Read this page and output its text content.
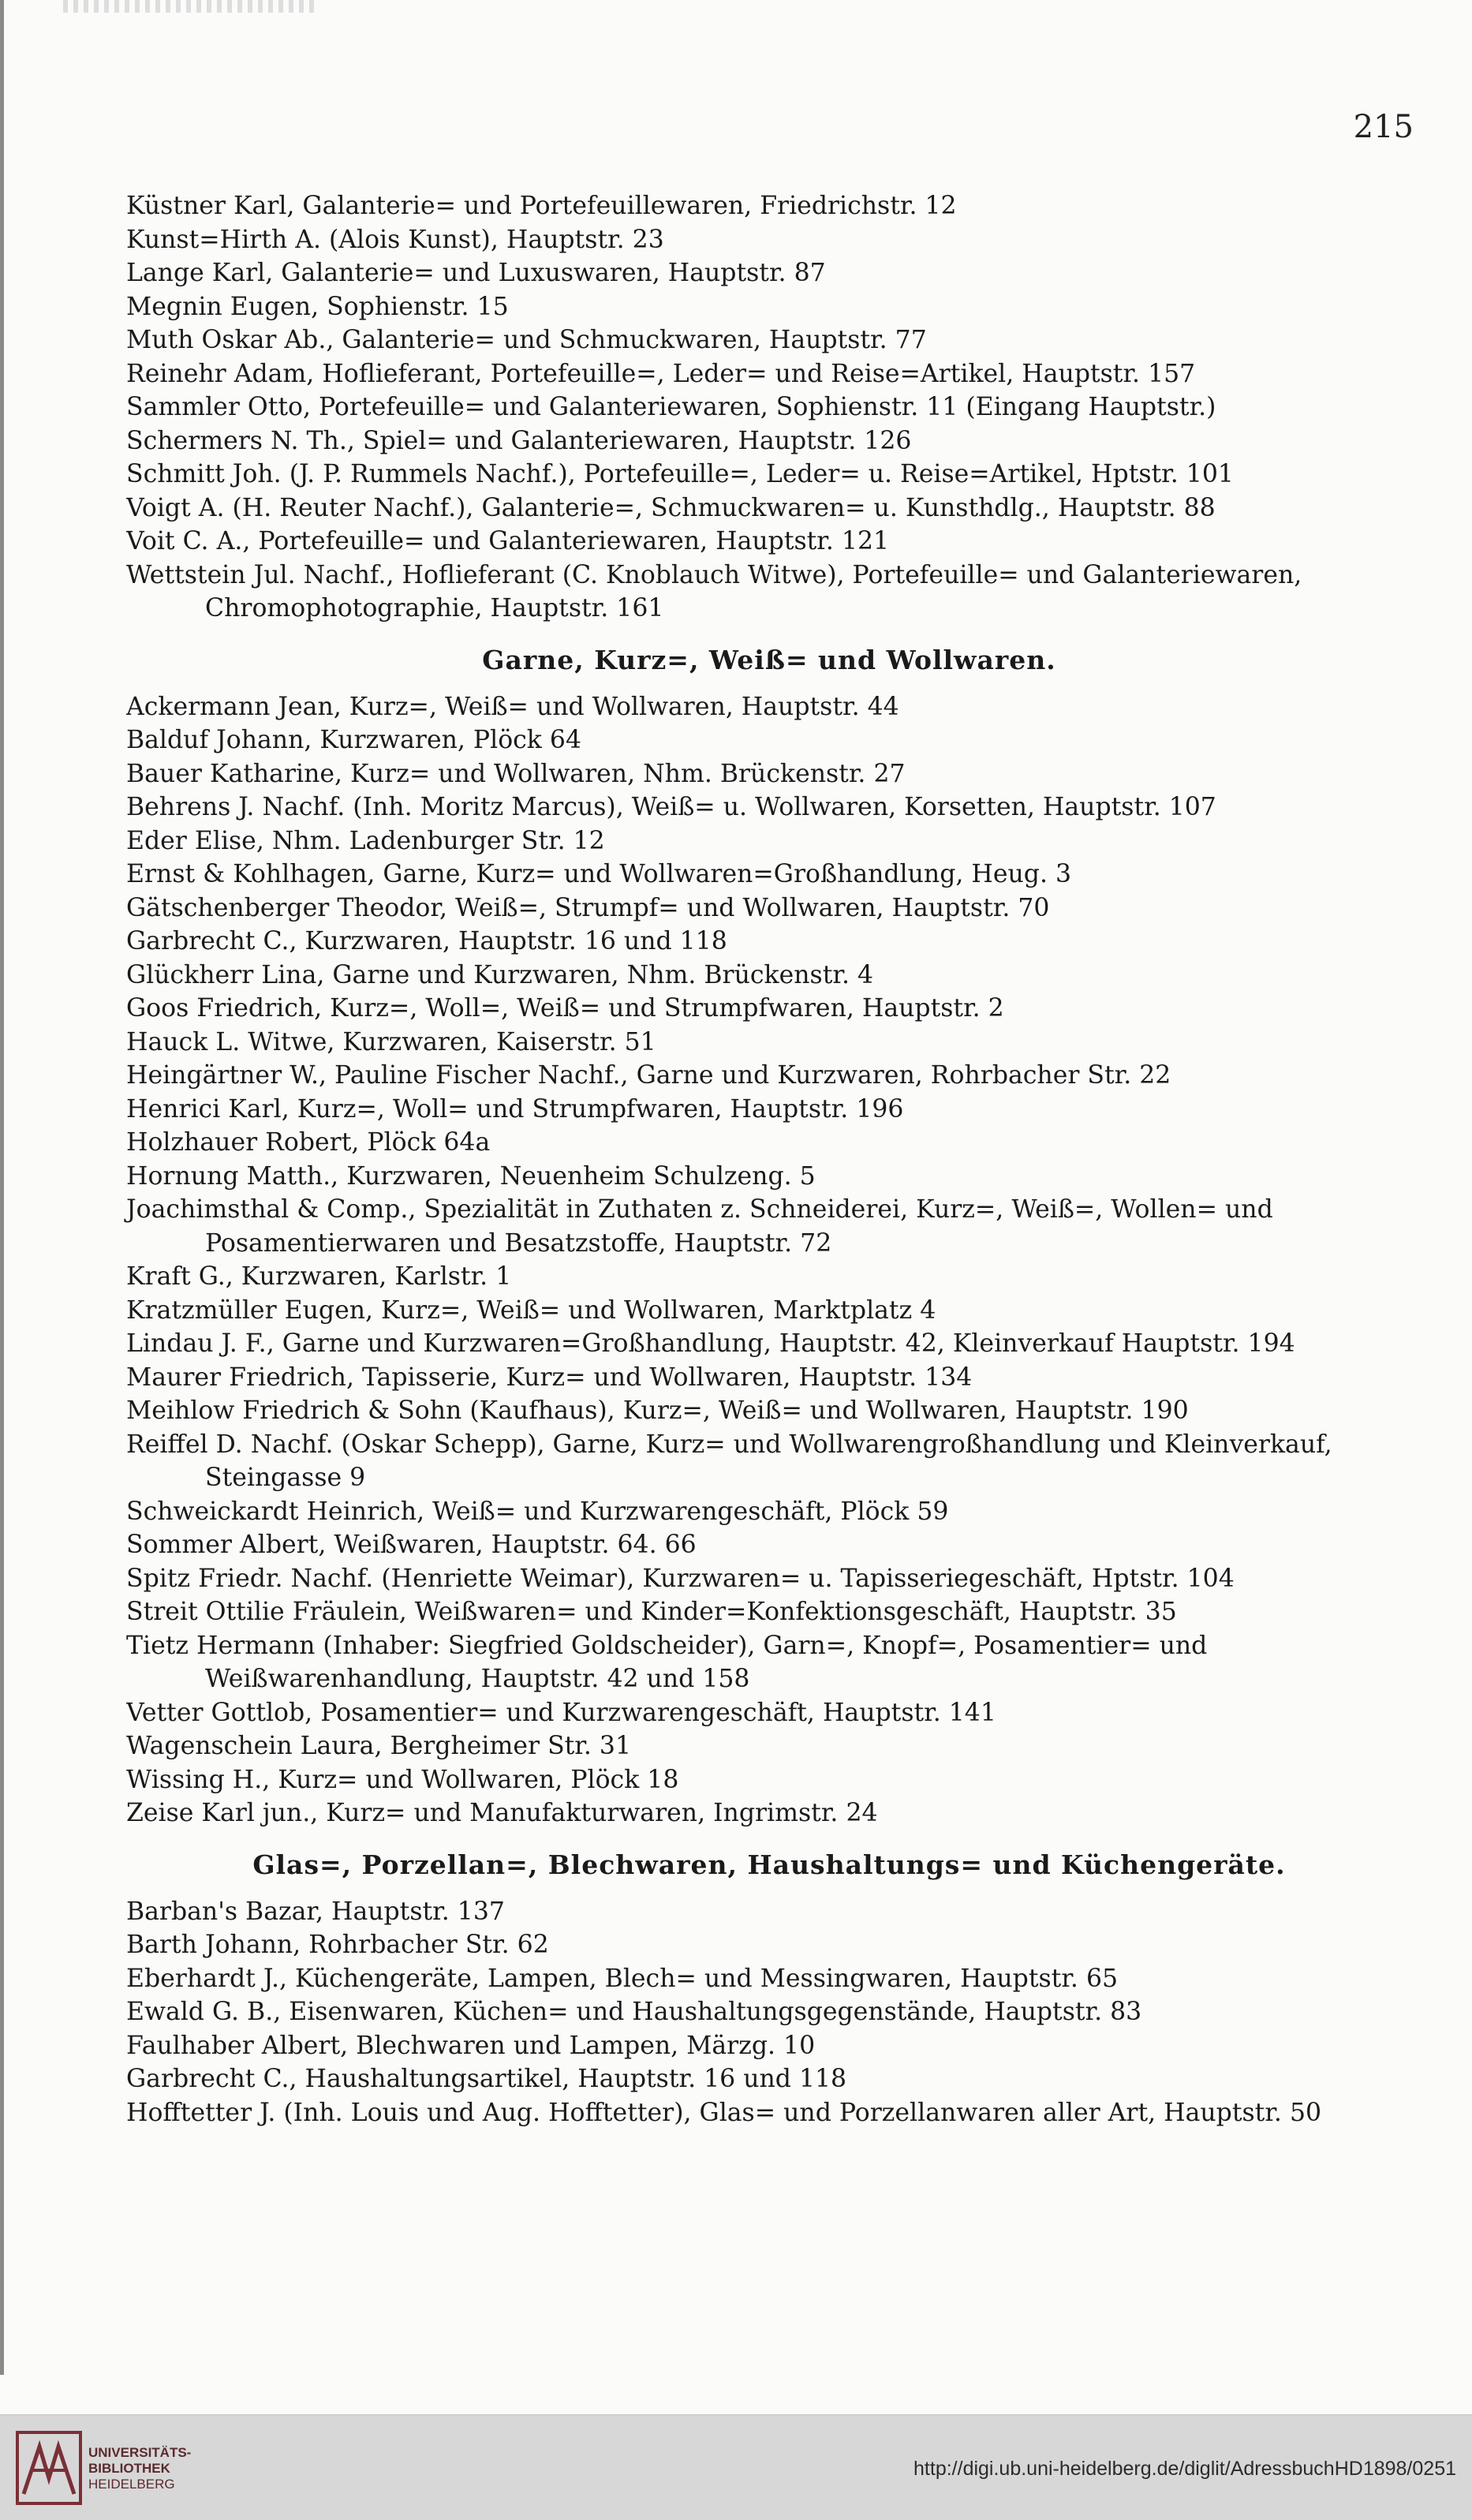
215
Küstner Karl, Galanterie= und Portefeuillewaren, Friedrichstr. 12
Kunst=Hirth A. (Alois Kunst), Hauptstr. 23
Lange Karl, Galanterie= und Luxuswaren, Hauptstr. 87
Megnin Eugen, Sophienstr. 15
Muth Oskar Ab., Galanterie= und Schmuckwaren, Hauptstr. 77
Reinehr Adam, Hoflieferant, Portefeuille=, Leder= und Reise=Artikel, Hauptstr. 157
Sammler Otto, Portefeuille= und Galanteriewaren, Sophienstr. 11 (Eingang Hauptstr.)
Schermers N. Th., Spiel= und Galanteriewaren, Hauptstr. 126
Schmitt Joh. (J. P. Rummels Nachf.), Portefeuille=, Leder= u. Reise=Artikel, Hptstr. 101
Voigt A. (H. Reuter Nachf.), Galanterie=, Schmuckwaren= u. Kunsthdlg., Hauptstr. 88
Voit C. A., Portefeuille= und Galanteriewaren, Hauptstr. 121
Wettstein Jul. Nachf., Hoflieferant (C. Knoblauch Witwe), Portefeuille= und Galanteriewaren, Chromophotographie, Hauptstr. 161
Garne, Kurz=, Weiß= und Wollwaren.
Ackermann Jean, Kurz=, Weiß= und Wollwaren, Hauptstr. 44
Balduf Johann, Kurzwaren, Plöck 64
Bauer Katharine, Kurz= und Wollwaren, Nhm. Brückenstr. 27
Behrens J. Nachf. (Inh. Moritz Marcus), Weiß= u. Wollwaren, Korsetten, Hauptstr. 107
Eder Elise, Nhm. Ladenburger Str. 12
Ernst & Kohlhagen, Garne, Kurz= und Wollwaren=Großhandlung, Heug. 3
Gätschenberger Theodor, Weiß=, Strumpf= und Wollwaren, Hauptstr. 70
Garbrecht C., Kurzwaren, Hauptstr. 16 und 118
Glückherr Lina, Garne und Kurzwaren, Nhm. Brückenstr. 4
Goos Friedrich, Kurz=, Woll=, Weiß= und Strumpfwaren, Hauptstr. 2
Hauck L. Witwe, Kurzwaren, Kaiserstr. 51
Heingärtner W., Pauline Fischer Nachf., Garne und Kurzwaren, Rohrbacher Str. 22
Henrici Karl, Kurz=, Woll= und Strumpfwaren, Hauptstr. 196
Holzhauer Robert, Plöck 64a
Hornung Matth., Kurzwaren, Neuenheim Schulzeng. 5
Joachimsthal & Comp., Spezialität in Zuthaten z. Schneiderei, Kurz=, Weiß=, Wollen= und Posamentierwaren und Besatzstoffe, Hauptstr. 72
Kraft G., Kurzwaren, Karlstr. 1
Kratzmüller Eugen, Kurz=, Weiß= und Wollwaren, Marktplatz 4
Lindau J. F., Garne und Kurzwaren=Großhandlung, Hauptstr. 42, Kleinverkauf Hauptstr. 194
Maurer Friedrich, Tapisserie, Kurz= und Wollwaren, Hauptstr. 134
Meihlow Friedrich & Sohn (Kaufhaus), Kurz=, Weiß= und Wollwaren, Hauptstr. 190
Reiffel D. Nachf. (Oskar Schepp), Garne, Kurz= und Wollwarengroßhandlung und Kleinverkauf, Steingasse 9
Schweickardt Heinrich, Weiß= und Kurzwarengeschäft, Plöck 59
Sommer Albert, Weißwaren, Hauptstr. 64. 66
Spitz Friedr. Nachf. (Henriette Weimar), Kurzwaren= u. Tapisseriegeschäft, Hptstr. 104
Streit Ottilie Fräulein, Weißwaren= und Kinder=Konfektionsgeschäft, Hauptstr. 35
Tietz Hermann (Inhaber: Siegfried Goldscheider), Garn=, Knopf=, Posamentier= und Weißwarenhandlung, Hauptstr. 42 und 158
Vetter Gottlob, Posamentier= und Kurzwarengeschäft, Hauptstr. 141
Wagenschein Laura, Bergheimer Str. 31
Wissing H., Kurz= und Wollwaren, Plöck 18
Zeise Karl jun., Kurz= und Manufakturwaren, Ingrimstr. 24
Glas=, Porzellan=, Blechwaren, Haushaltungs= und Küchengeräte.
Barban's Bazar, Hauptstr. 137
Barth Johann, Rohrbacher Str. 62
Eberhardt J., Küchengeräte, Lampen, Blech= und Messingwaren, Hauptstr. 65
Ewald G. B., Eisenwaren, Küchen= und Haushaltungsgegenstände, Hauptstr. 83
Faulhaber Albert, Blechwaren und Lampen, Märzg. 10
Garbrecht C., Haushaltungsartikel, Hauptstr. 16 und 118
Hofftetter J. (Inh. Louis und Aug. Hofftetter), Glas= und Porzellanwaren aller Art, Hauptstr. 50
UNIVERSITÄTS-
BIBLIOTHEK
HEIDELBERG
http://digi.ub.uni-heidelberg.de/diglit/AdressbuchHD1898/0251
